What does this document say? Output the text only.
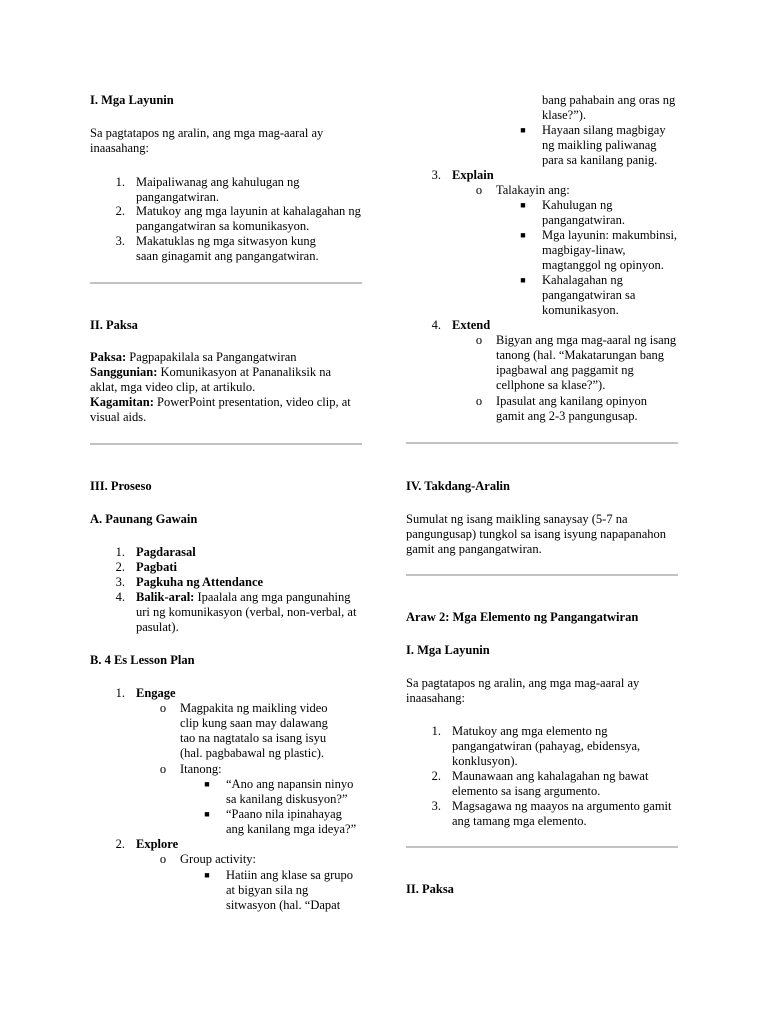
I. Mga Layunin
Sa pagtatapos ng aralin, ang mga mag-aaral ay inaasahang:
1. Maipaliwanag ang kahulugan ng pangangatwiran.
2. Matukoy ang mga layunin at kahalagahan ng pangangatwiran sa komunikasyon.
3. Makatuklas ng mga sitwasyon kung saan ginagamit ang pangangatwiran.
II. Paksa
Paksa: Pagpapakilala sa Pangangatwiran
Sanggunian: Komunikasyon at Pananaliksik na aklat, mga video clip, at artikulo.
Kagamitan: PowerPoint presentation, video clip, at visual aids.
III. Proseso
A. Paunang Gawain
1. Pagdarasal
2. Pagbati
3. Pagkuha ng Attendance
4. Balik-aral: Ipaalala ang mga pangunahing uri ng komunikasyon (verbal, non-verbal, at pasulat).
B. 4 Es Lesson Plan
1. Engage
o Magpakita ng maikling video clip kung saan may dalawang tao na nagtatalo sa isang isyu (hal. pagbabawal ng plastic).
o Itanong:
■ “Ano ang napansin ninyo sa kanilang diskusyon?”
■ “Paano nila ipinahayag ang kanilang mga ideya?”
2. Explore
o Group activity:
■ Hatiin ang klase sa grupo at bigyan sila ng sitwasyon (hal. “Dapat
bang pahabain ang oras ng klase?”).
■ Hayaan silang magbigay ng maikling paliwanag para sa kanilang panig.
3. Explain
o Talakayin ang:
■ Kahulugan ng pangangatwiran.
■ Mga layunin: makumbinsi, magbigay-linaw, magtanggol ng opinyon.
■ Kahalagahan ng pangangatwiran sa komunikasyon.
4. Extend
o Bigyan ang mga mag-aaral ng isang tanong (hal. “Makatarungan bang ipagbawal ang paggamit ng cellphone sa klase?”).
o Ipasulat ang kanilang opinyon gamit ang 2-3 pangungusap.
IV. Takdang-Aralin
Sumulat ng isang maikling sanaysay (5-7 na pangungusap) tungkol sa isang isyung napapanahon gamit ang pangangatwiran.
Araw 2: Mga Elemento ng Pangangatwiran
I. Mga Layunin
Sa pagtatapos ng aralin, ang mga mag-aaral ay inaasahang:
1. Matukoy ang mga elemento ng pangangatwiran (pahayag, ebidensya, konklusyon).
2. Maunawaan ang kahalagahan ng bawat elemento sa isang argumento.
3. Magsagawa ng maayos na argumento gamit ang tamang mga elemento.
II. Paksa
